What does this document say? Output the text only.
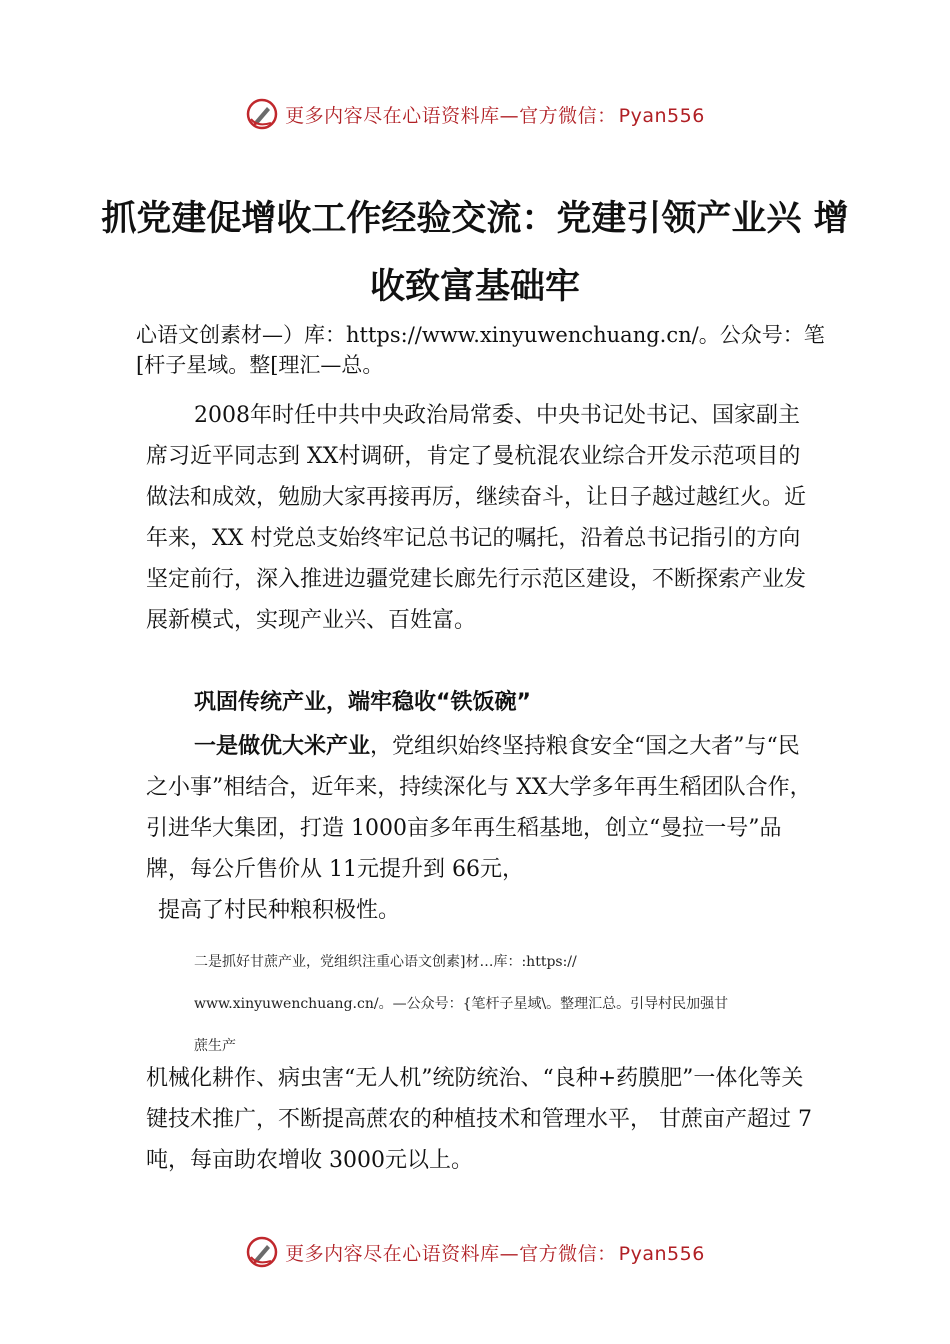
更多内容尽在心语资料库—官方微信： Pyan556
抓党建促增收工作经验交流：党建引领产业兴 增收致富基础牢
心语文创素材—）库：https://www.xinyuwenchuang.cn/。公众号：笔[杆子星域。整[理汇—总。
2008年时任中共中央政治局常委、中央书记处书记、国家副主席习近平同志到 XX村调研，肯定了曼杭混农业综合开发示范项目的做法和成效，勉励大家再接再厉，继续奋斗，让日子越过越红火。近年来，XX 村党总支始终牢记总书记的嘱托，沿着总书记指引的方向坚定前行，深入推进边疆党建长廊先行示范区建设，不断探索产业发展新模式，实现产业兴、百姓富。
巩固传统产业，端牢稳收“铁饭碗”
一是做优大米产业，党组织始终坚持粮食安全“国之大者”与“民之小事”相结合，近年来，持续深化与 XX大学多年再生稻团队合作，引进华大集团，打造 1000亩多年再生稻基地，创立“曼拉一号”品牌，每公斤售价从 11元提升到 66元，
提高了村民种粮积极性。
二是抓好甘蔗产业，党组织注重心语文创素]材…库：:https://
www.xinyuwenchuang.cn/。—公众号：{笔杆子星域\。整理汇总。引导村民加强甘
蔗生产
机械化耕作、病虫害“无人机”统防统治、“良种+药膜肥”一体化等关键技术推广，不断提高蔗农的种植技术和管理水平， 甘蔗亩产超过 7吨，每亩助农增收 3000元以上。
更多内容尽在心语资料库—官方微信： Pyan556
